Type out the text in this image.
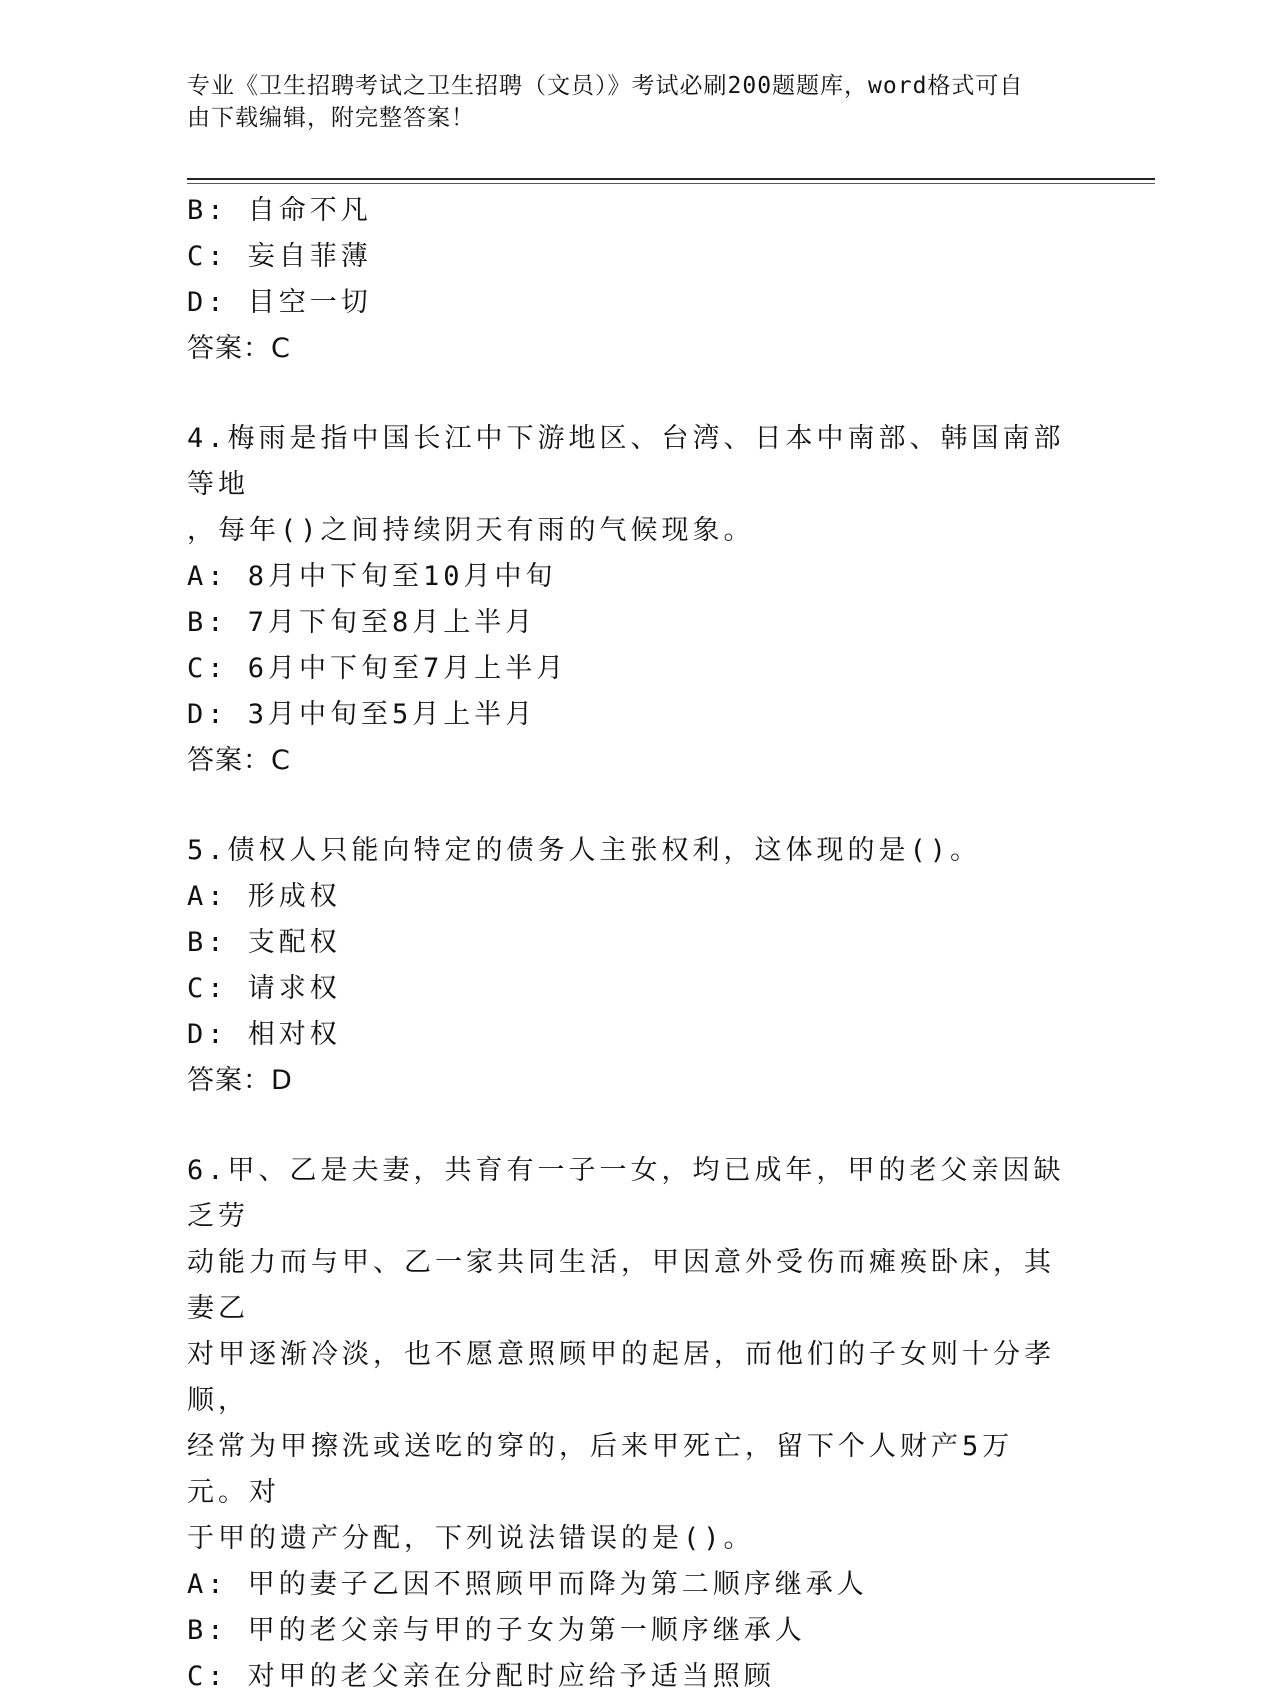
专业《卫生招聘考试之卫生招聘（文员）》考试必刷200题题库，word格式可自
由下载编辑，附完整答案！
B: 自命不凡
C: 妄自菲薄
D: 目空一切
答案：C
4.梅雨是指中国长江中下游地区、台湾、日本中南部、韩国南部等地
，每年()之间持续阴天有雨的气候现象。
A: 8月中下旬至10月中旬
B: 7月下旬至8月上半月
C: 6月中下旬至7月上半月
D: 3月中旬至5月上半月
答案：C
5.债权人只能向特定的债务人主张权利，这体现的是()。
A: 形成权
B: 支配权
C: 请求权
D: 相对权
答案：D
6.甲、乙是夫妻，共育有一子一女，均已成年，甲的老父亲因缺乏劳
动能力而与甲、乙一家共同生活，甲因意外受伤而瘫痪卧床，其妻乙
对甲逐渐冷淡，也不愿意照顾甲的起居，而他们的子女则十分孝顺，
经常为甲擦洗或送吃的穿的，后来甲死亡，留下个人财产5万元。对
于甲的遗产分配，下列说法错误的是()。
A: 甲的妻子乙因不照顾甲而降为第二顺序继承人
B: 甲的老父亲与甲的子女为第一顺序继承人
C: 对甲的老父亲在分配时应给予适当照顾
